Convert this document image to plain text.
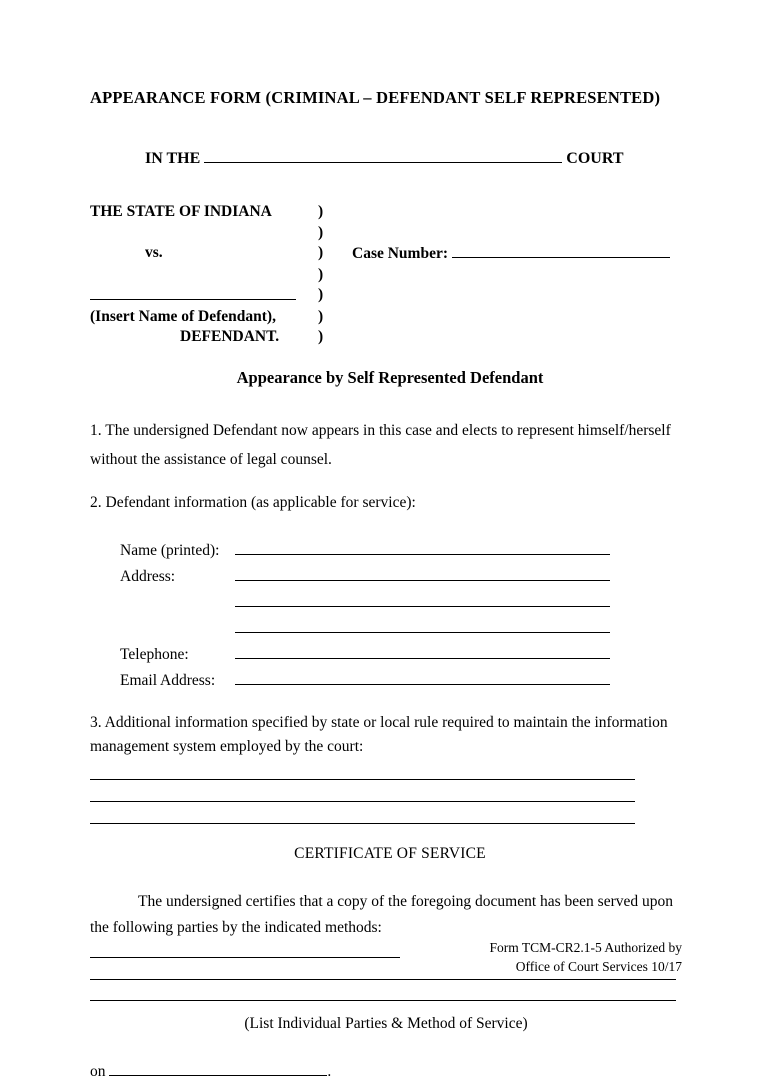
APPEARANCE FORM (CRIMINAL – DEFENDANT SELF REPRESENTED)
IN THE	COURT
THE STATE OF INDIANA	)
)
vs.	)	Case Number:
)
)
(Insert Name of Defendant),	)
DEFENDANT.	)
Appearance by Self Represented Defendant
1. The undersigned Defendant now appears in this case and elects to represent himself/herself without the assistance of legal counsel.
2. Defendant information (as applicable for service):
Name (printed):
Address:
Telephone:
Email Address:
3. Additional information specified by state or local rule required to maintain the information management system employed by the court:
CERTIFICATE OF SERVICE
The undersigned certifies that a copy of the foregoing document has been served upon the following parties by the indicated methods:
(List Individual Parties & Method of Service)
on	.
Form TCM-CR2.1-5 Authorized by
Office of Court Services 10/17
